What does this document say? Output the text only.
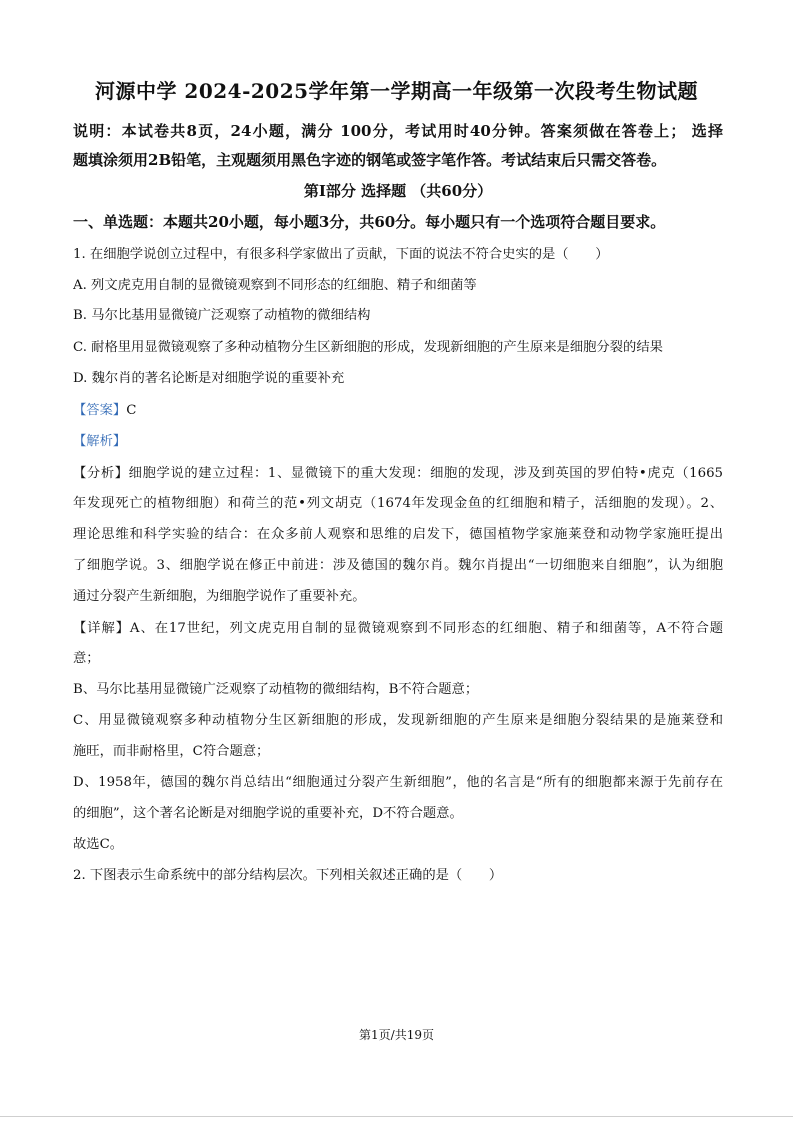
河源中学 2024-2025学年第一学期高一年级第一次段考生物试题
说明：本试卷共8页，24小题，满分 100分，考试用时40分钟。答案须做在答卷上； 选择
题填涂须用2B铅笔，主观题须用黑色字迹的钢笔或签字笔作答。考试结束后只需交答卷。
第Ⅰ部分 选择题 （共60分）
一、单选题：本题共20小题，每小题3分，共60分。每小题只有一个选项符合题目要求。
1. 在细胞学说创立过程中，有很多科学家做出了贡献，下面的说法不符合史实的是（　　）
A. 列文虎克用自制的显微镜观察到不同形态的红细胞、精子和细菌等
B. 马尔比基用显微镜广泛观察了动植物的微细结构
C. 耐格里用显微镜观察了多种动植物分生区新细胞的形成，发现新细胞的产生原来是细胞分裂的结果
D. 魏尔肖的著名论断是对细胞学说的重要补充
【答案】C
【解析】
【分析】细胞学说的建立过程：1、显微镜下的重大发现：细胞的发现，涉及到英国的罗伯特•虎克（1665
年发现死亡的植物细胞）和荷兰的范•列文胡克（1674年发现金鱼的红细胞和精子，活细胞的发现）。2、
理论思维和科学实验的结合：在众多前人观察和思维的启发下，德国植物学家施莱登和动物学家施旺提出
了细胞学说。3、细胞学说在修正中前进：涉及德国的魏尔肖。魏尔肖提出“一切细胞来自细胞”，认为细胞
通过分裂产生新细胞，为细胞学说作了重要补充。
【详解】A、在17世纪，列文虎克用自制的显微镜观察到不同形态的红细胞、精子和细菌等，A不符合题
意；
B、马尔比基用显微镜广泛观察了动植物的微细结构，B不符合题意；
C、用显微镜观察多种动植物分生区新细胞的形成，发现新细胞的产生原来是细胞分裂结果的是施莱登和
施旺，而非耐格里，C符合题意；
D、1958年，德国的魏尔肖总结出“细胞通过分裂产生新细胞”，他的名言是“所有的细胞都来源于先前存在
的细胞”，这个著名论断是对细胞学说的重要补充，D不符合题意。
故选C。
2. 下图表示生命系统中的部分结构层次。下列相关叙述正确的是（　　）
第1页/共19页
